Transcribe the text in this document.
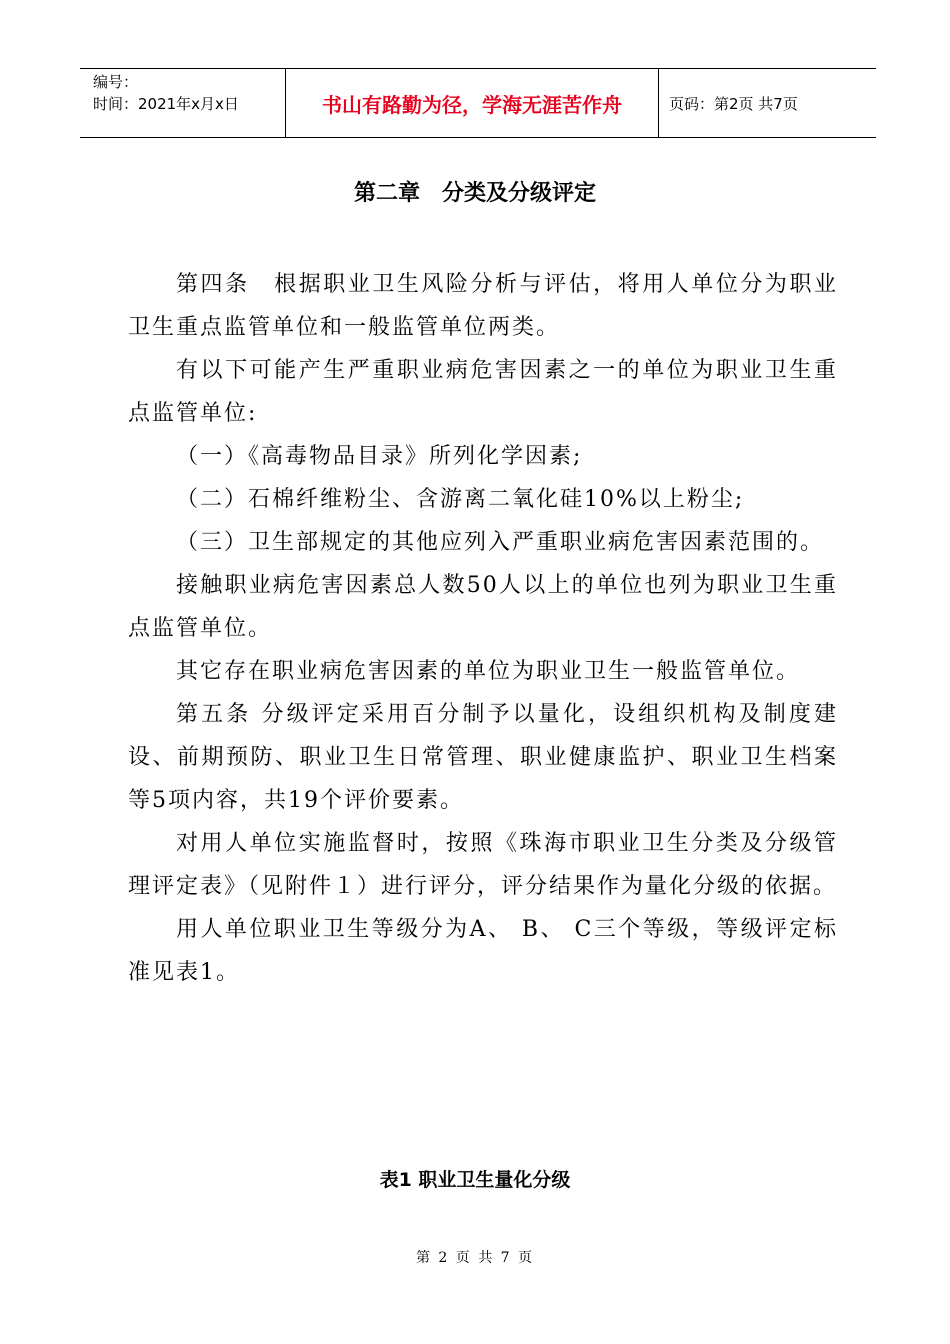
编号：
时间：2021年x月x日	书山有路勤为径，学海无涯苦作舟	页码：第2页 共7页
第二章　分类及分级评定

第四条　根据职业卫生风险分析与评估，将用人单位分为职业卫生重点监管单位和一般监管单位两类。

有以下可能产生严重职业病危害因素之一的单位为职业卫生重点监管单位:

（一）《高毒物品目录》所列化学因素;

（二）石棉纤维粉尘、含游离二氧化硅10%以上粉尘;

（三）卫生部规定的其他应列入严重职业病危害因素范围的。

接触职业病危害因素总人数50人以上的单位也列为职业卫生重点监管单位。

其它存在职业病危害因素的单位为职业卫生一般监管单位。

第五条 分级评定采用百分制予以量化，设组织机构及制度建设、前期预防、职业卫生日常管理、职业健康监护、职业卫生档案等5项内容，共19个评价要素。

对用人单位实施监督时，按照《珠海市职业卫生分类及分级管理评定表》（见附件１）进行评分，评分结果作为量化分级的依据。

用人单位职业卫生等级分为A、 B、 C三个等级，等级评定标准见表1。

表1 职业卫生量化分级
第 2 页 共 7 页
